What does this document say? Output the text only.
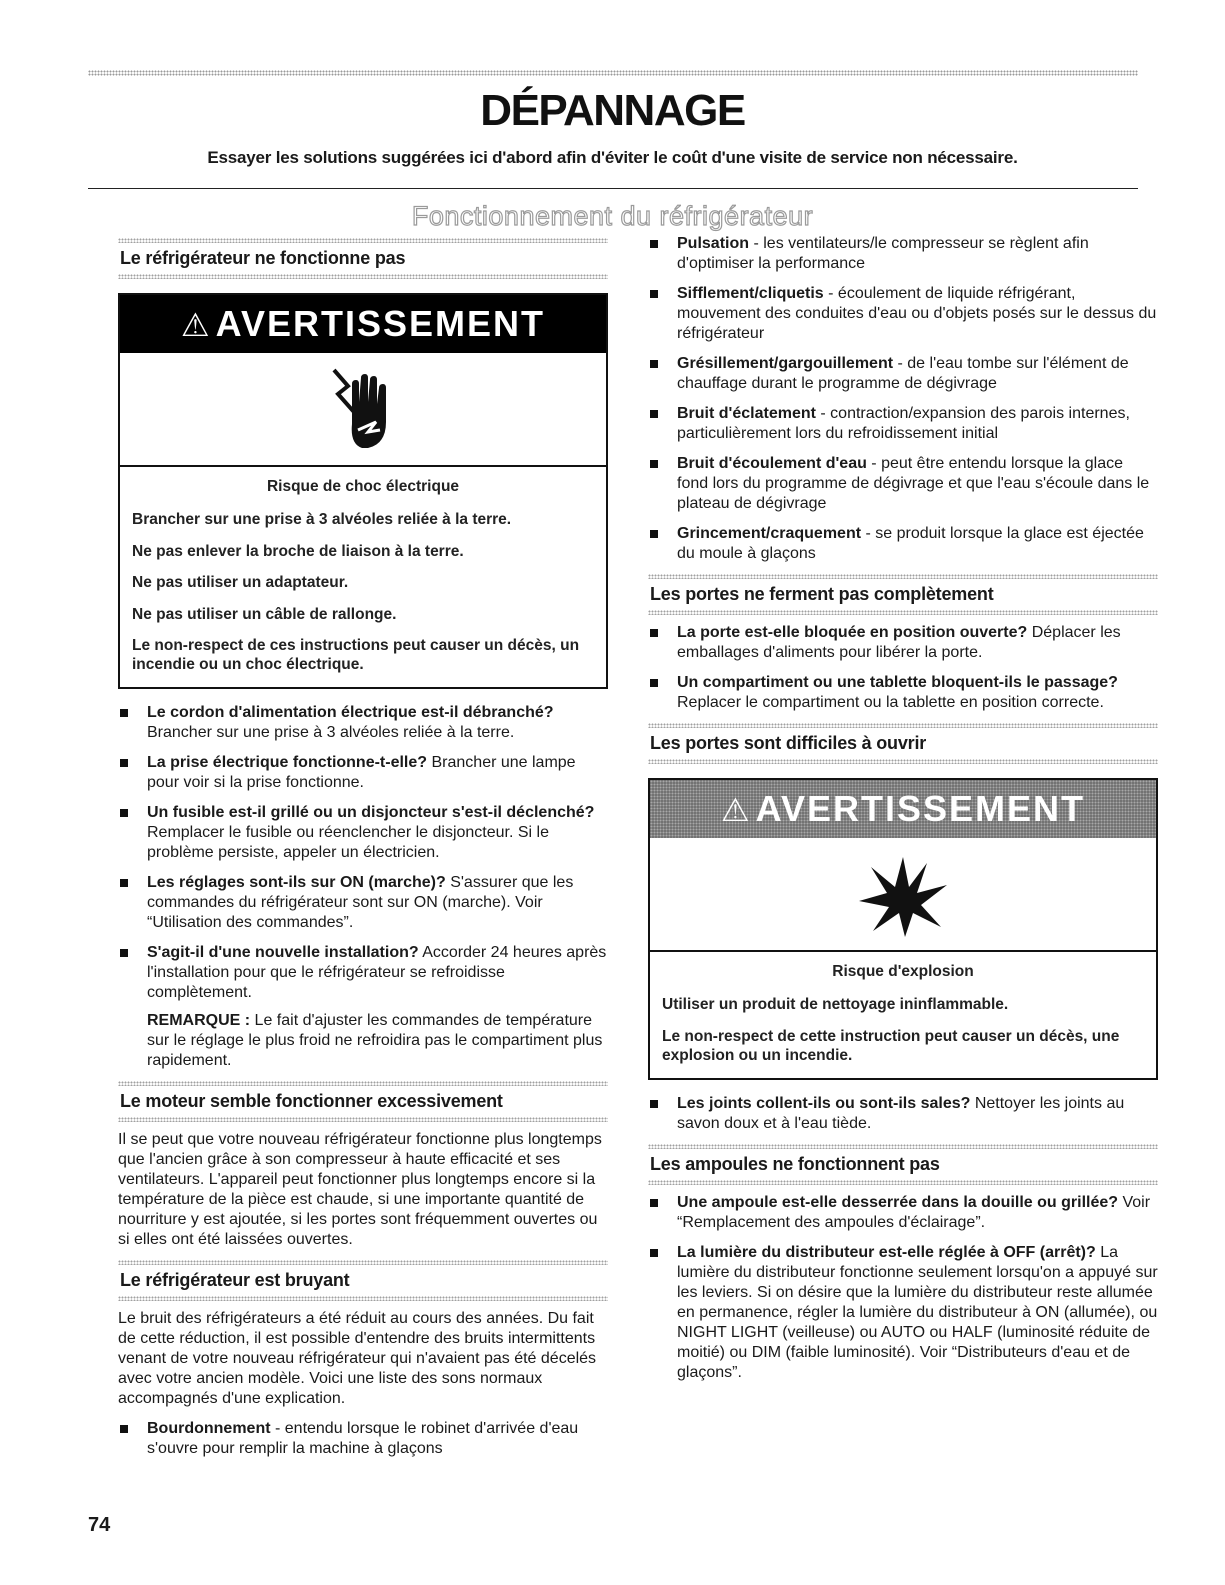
DÉPANNAGE

Essayer les solutions suggérées ici d'abord afin d'éviter le coût d'une visite de service non nécessaire.

Fonctionnement du réfrigérateur
Le réfrigérateur ne fonctionne pas
⚠ AVERTISSEMENT

Risque de choc électrique

Brancher sur une prise à 3 alvéoles reliée à la terre.

Ne pas enlever la broche de liaison à la terre.

Ne pas utiliser un adaptateur.

Ne pas utiliser un câble de rallonge.

Le non-respect de ces instructions peut causer un décès, un incendie ou un choc électrique.

Le cordon d'alimentation électrique est-il débranché? Brancher sur une prise à 3 alvéoles reliée à la terre.
La prise électrique fonctionne-t-elle? Brancher une lampe pour voir si la prise fonctionne.
Un fusible est-il grillé ou un disjoncteur s'est-il déclenché? Remplacer le fusible ou réenclencher le disjoncteur. Si le problème persiste, appeler un électricien.
Les réglages sont-ils sur ON (marche)? S'assurer que les commandes du réfrigérateur sont sur ON (marche). Voir “Utilisation des commandes”.
S'agit-il d'une nouvelle installation? Accorder 24 heures après l'installation pour que le réfrigérateur se refroidisse complètement.
REMARQUE : Le fait d'ajuster les commandes de température sur le réglage le plus froid ne refroidira pas le compartiment plus rapidement.
Le moteur semble fonctionner excessivement

Il se peut que votre nouveau réfrigérateur fonctionne plus longtemps que l'ancien grâce à son compresseur à haute efficacité et ses ventilateurs. L'appareil peut fonctionner plus longtemps encore si la température de la pièce est chaude, si une importante quantité de nourriture y est ajoutée, si les portes sont fréquemment ouvertes ou si elles ont été laissées ouvertes.

Le réfrigérateur est bruyant

Le bruit des réfrigérateurs a été réduit au cours des années. Du fait de cette réduction, il est possible d'entendre des bruits intermittents venant de votre nouveau réfrigérateur qui n'avaient pas été décelés avec votre ancien modèle. Voici une liste des sons normaux accompagnés d'une explication.

Bourdonnement - entendu lorsque le robinet d'arrivée d'eau s'ouvre pour remplir la machine à glaçons
Pulsation - les ventilateurs/le compresseur se règlent afin d'optimiser la performance
Sifflement/cliquetis - écoulement de liquide réfrigérant, mouvement des conduites d'eau ou d'objets posés sur le dessus du réfrigérateur
Grésillement/gargouillement - de l'eau tombe sur l'élément de chauffage durant le programme de dégivrage
Bruit d'éclatement - contraction/expansion des parois internes, particulièrement lors du refroidissement initial
Bruit d'écoulement d'eau - peut être entendu lorsque la glace fond lors du programme de dégivrage et que l'eau s'écoule dans le plateau de dégivrage
Grincement/craquement - se produit lorsque la glace est éjectée du moule à glaçons
Les portes ne ferment pas complètement
La porte est-elle bloquée en position ouverte? Déplacer les emballages d'aliments pour libérer la porte.
Un compartiment ou une tablette bloquent-ils le passage? Replacer le compartiment ou la tablette en position correcte.
Les portes sont difficiles à ouvrir
⚠ AVERTISSEMENT

Risque d'explosion

Utiliser un produit de nettoyage ininflammable.

Le non-respect de cette instruction peut causer un décès, une explosion ou un incendie.

Les joints collent-ils ou sont-ils sales? Nettoyer les joints au savon doux et à l'eau tiède.
Les ampoules ne fonctionnent pas
Une ampoule est-elle desserrée dans la douille ou grillée? Voir “Remplacement des ampoules d'éclairage”.
La lumière du distributeur est-elle réglée à OFF (arrêt)? La lumière du distributeur fonctionne seulement lorsqu'on a appuyé sur les leviers. Si on désire que la lumière du distributeur reste allumée en permanence, régler la lumière du distributeur à ON (allumée), ou NIGHT LIGHT (veilleuse) ou AUTO ou HALF (luminosité réduite de moitié) ou DIM (faible luminosité). Voir “Distributeurs d'eau et de glaçons”.
74
